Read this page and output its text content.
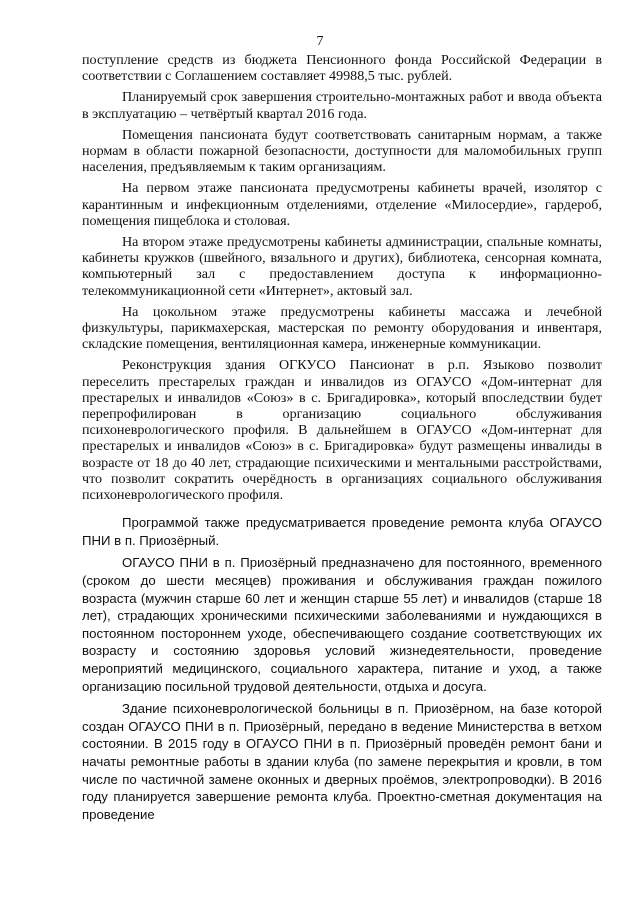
7

поступление средств из бюджета Пенсионного фонда Российской Федерации в соответствии с Соглашением составляет 49988,5 тыс. рублей.

Планируемый срок завершения строительно-монтажных работ и ввода объекта в эксплуатацию – четвёртый квартал 2016 года.

Помещения пансионата будут соответствовать санитарным нормам, а также нормам в области пожарной безопасности, доступности для маломобильных групп населения, предъявляемым к таким организациям.

На первом этаже пансионата предусмотрены кабинеты врачей, изолятор с карантинным и инфекционным отделениями, отделение «Милосердие», гардероб, помещения пищеблока и столовая.

На втором этаже предусмотрены кабинеты администрации, спальные комнаты, кабинеты кружков (швейного, вязального и других), библиотека, сенсорная комната, компьютерный зал с предоставлением доступа к информационно-телекоммуникационной сети «Интернет», актовый зал.

На цокольном этаже предусмотрены кабинеты массажа и лечебной физкультуры, парикмахерская, мастерская по ремонту оборудования и инвентаря, складские помещения, вентиляционная камера, инженерные коммуникации.

Реконструкция здания ОГКУСО Пансионат в р.п. Языково позволит переселить престарелых граждан и инвалидов из ОГАУСО «Дом-интернат для престарелых и инвалидов «Союз» в с. Бригадировка», который впоследствии будет перепрофилирован в организацию социального обслуживания психоневрологического профиля. В дальнейшем в ОГАУСО «Дом-интернат для престарелых и инвалидов «Союз» в с. Бригадировка» будут размещены инвалиды в возрасте от 18 до 40 лет, страдающие психическими и ментальными расстройствами, что позволит сократить очерёдность в организациях социального обслуживания психоневрологического профиля.

Программой также предусматривается проведение ремонта клуба ОГАУСО ПНИ в п. Приозёрный.

ОГАУСО ПНИ в п. Приозёрный предназначено для постоянного, временного (сроком до шести месяцев) проживания и обслуживания граждан пожилого возраста (мужчин старше 60 лет и женщин старше 55 лет) и инвалидов (старше 18 лет), страдающих хроническими психическими заболеваниями и нуждающихся в постоянном постороннем уходе, обеспечивающего создание соответствующих их возрасту и состоянию здоровья условий жизнедеятельности, проведение мероприятий медицинского, социального характера, питание и уход, а также организацию посильной трудовой деятельности, отдыха и досуга.

Здание психоневрологической больницы в п. Приозёрном, на базе которой создан ОГАУСО ПНИ в п. Приозёрный, передано в ведение Министерства в ветхом состоянии. В 2015 году в ОГАУСО ПНИ в п. Приозёрный проведён ремонт бани и начаты ремонтные работы в здании клуба (по замене перекрытия и кровли, в том числе по частичной замене оконных и дверных проёмов, электропроводки). В 2016 году планируется завершение ремонта клуба. Проектно-сметная документация на проведение
